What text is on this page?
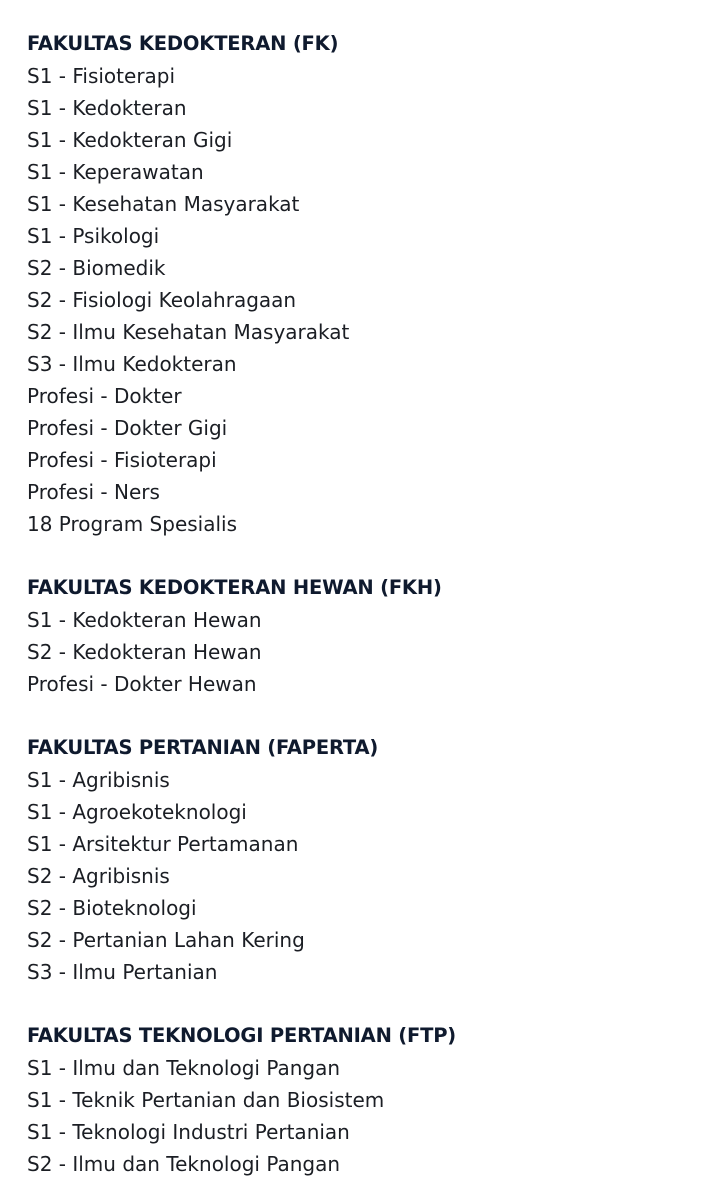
FAKULTAS KEDOKTERAN (FK)
S1 - Fisioterapi
S1 - Kedokteran
S1 - Kedokteran Gigi
S1 - Keperawatan
S1 - Kesehatan Masyarakat
S1 - Psikologi
S2 - Biomedik
S2 - Fisiologi Keolahragaan
S2 - Ilmu Kesehatan Masyarakat
S3 - Ilmu Kedokteran
Profesi - Dokter
Profesi - Dokter Gigi
Profesi - Fisioterapi
Profesi - Ners
18 Program Spesialis
FAKULTAS KEDOKTERAN HEWAN (FKH)
S1 - Kedokteran Hewan
S2 - Kedokteran Hewan
Profesi - Dokter Hewan
FAKULTAS PERTANIAN (FAPERTA)
S1 - Agribisnis
S1 - Agroekoteknologi
S1 - Arsitektur Pertamanan
S2 - Agribisnis
S2 - Bioteknologi
S2 - Pertanian Lahan Kering
S3 - Ilmu Pertanian
FAKULTAS TEKNOLOGI PERTANIAN (FTP)
S1 - Ilmu dan Teknologi Pangan
S1 - Teknik Pertanian dan Biosistem
S1 - Teknologi Industri Pertanian
S2 - Ilmu dan Teknologi Pangan
